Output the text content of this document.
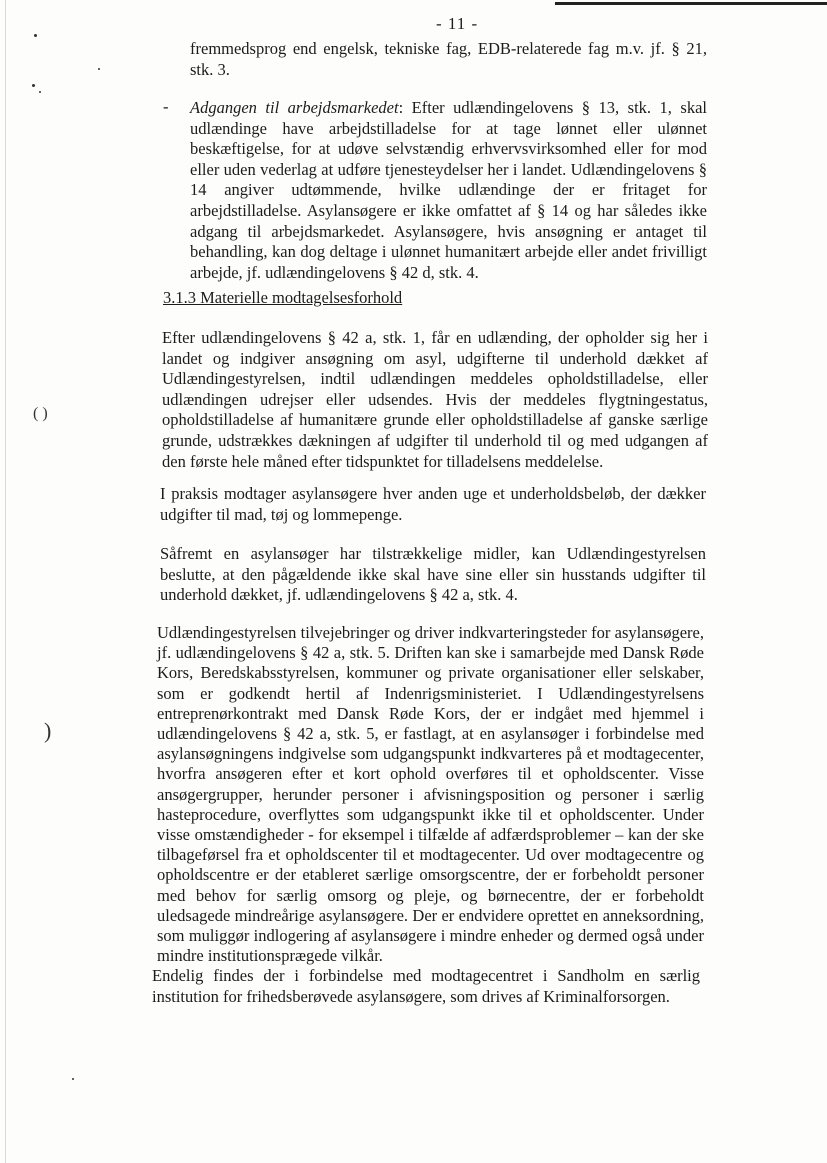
- 11 -

fremmedsprog end engelsk, tekniske fag, EDB-relaterede fag m.v. jf. § 21, stk. 3.

- Adgangen til arbejdsmarkedet: Efter udlændingelovens § 13, stk. 1, skal udlændinge have arbejdstilladelse for at tage lønnet eller ulønnet beskæftigelse, for at udøve selvstændig erhvervsvirksomhed eller for mod eller uden vederlag at udføre tjenesteydelser her i landet. Udlændingelovens § 14 angiver udtømmende, hvilke udlændinge der er fritaget for arbejdstilladelse. Asylansøgere er ikke omfattet af § 14 og har således ikke adgang til arbejdsmarkedet. Asylansøgere, hvis ansøgning er antaget til behandling, kan dog deltage i ulønnet humanitært arbejde eller andet frivilligt arbejde, jf. udlændingelovens § 42 d, stk. 4.

3.1.3 Materielle modtagelsesforhold

Efter udlændingelovens § 42 a, stk. 1, får en udlænding, der opholder sig her i landet og indgiver ansøgning om asyl, udgifterne til underhold dækket af Udlændingestyrelsen, indtil udlændingen meddeles opholdstilladelse, eller udlændingen udrejser eller udsendes. Hvis der meddeles flygtningestatus, opholdstilladelse af humanitære grunde eller opholdstilladelse af ganske særlige grunde, udstrækkes dækningen af udgifter til underhold til og med udgangen af den første hele måned efter tidspunktet for tilladelsens meddelelse.

I praksis modtager asylansøgere hver anden uge et underholdsbeløb, der dækker udgifter til mad, tøj og lommepenge.

Såfremt en asylansøger har tilstrækkelige midler, kan Udlændingestyrelsen beslutte, at den pågældende ikke skal have sine eller sin husstands udgifter til underhold dækket, jf. udlændingelovens § 42 a, stk. 4.

Udlændingestyrelsen tilvejebringer og driver indkvarteringsteder for asylansøgere, jf. udlændingelovens § 42 a, stk. 5. Driften kan ske i samarbejde med Dansk Røde Kors, Beredskabsstyrelsen, kommuner og private organisationer eller selskaber, som er godkendt hertil af Indenrigsministeriet. I Udlændingestyrelsens entreprenørkontrakt med Dansk Røde Kors, der er indgået med hjemmel i udlændingelovens § 42 a, stk. 5, er fastlagt, at en asylansøger i forbindelse med asylansøgningens indgivelse som udgangspunkt indkvarteres på et modtagecenter, hvorfra ansøgeren efter et kort ophold overføres til et opholdscenter. Visse ansøgergrupper, herunder personer i afvisningsposition og personer i særlig hasteprocedure, overflyttes som udgangspunkt ikke til et opholdscenter. Under visse omstændigheder - for eksempel i tilfælde af adfærdsproblemer – kan der ske tilbageførsel fra et opholdscenter til et modtagecenter. Ud over modtagecentre og opholdscentre er der etableret særlige omsorgscentre, der er forbeholdt personer med behov for særlig omsorg og pleje, og børnecentre, der er forbeholdt uledsagede mindreårige asylansøgere. Der er endvidere oprettet en anneksordning, som muliggør indlogering af asylansøgere i mindre enheder og dermed også under mindre institutionsprægede vilkår.

Endelig findes der i forbindelse med modtagecentret i Sandholm en særlig institution for frihedsberøvede asylansøgere, som drives af Kriminalforsorgen.

( )
)
